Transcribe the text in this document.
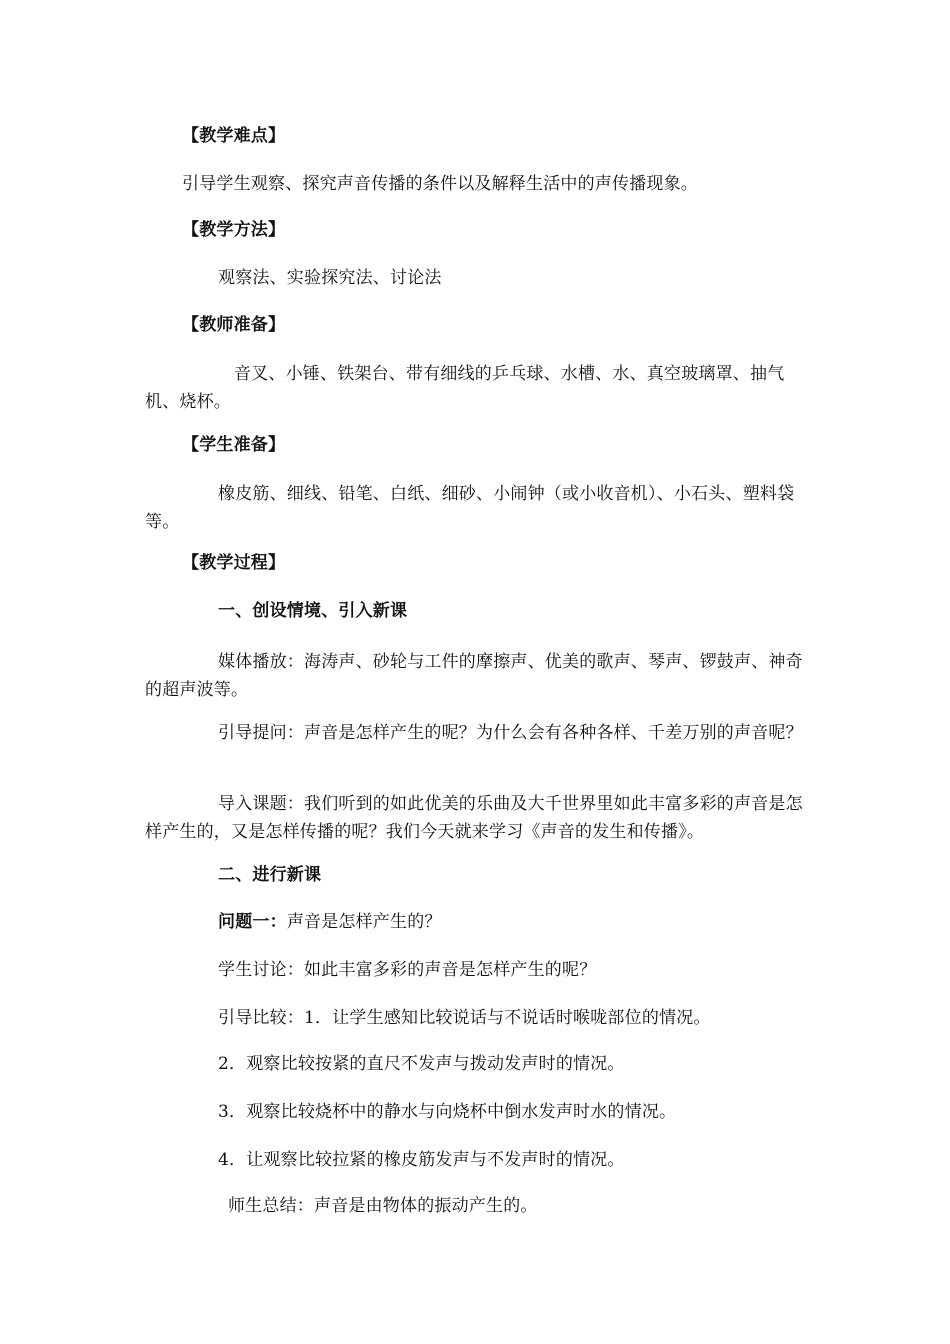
【教学难点】
引导学生观察、探究声音传播的条件以及解释生活中的声传播现象。
【教学方法】
观察法、实验探究法、讨论法
【教师准备】
音叉、小锤、铁架台、带有细线的乒乓球、水槽、水、真空玻璃罩、抽气机、烧杯。
【学生准备】
橡皮筋、细线、铅笔、白纸、细砂、小闹钟（或小收音机）、小石头、塑料袋等。
【教学过程】
一、创设情境、引入新课
媒体播放：海涛声、砂轮与工件的摩擦声、优美的歌声、琴声、锣鼓声、神奇的超声波等。
引导提问：声音是怎样产生的呢？为什么会有各种各样、千差万别的声音呢？
导入课题：我们听到的如此优美的乐曲及大千世界里如此丰富多彩的声音是怎样产生的，又是怎样传播的呢？我们今天就来学习《声音的发生和传播》。
二、进行新课
问题一：声音是怎样产生的？
学生讨论：如此丰富多彩的声音是怎样产生的呢？
引导比较：1．让学生感知比较说话与不说话时喉咙部位的情况。
2．观察比较按紧的直尺不发声与拨动发声时的情况。
3．观察比较烧杯中的静水与向烧杯中倒水发声时水的情况。
4．让观察比较拉紧的橡皮筋发声与不发声时的情况。
师生总结：声音是由物体的振动产生的。
